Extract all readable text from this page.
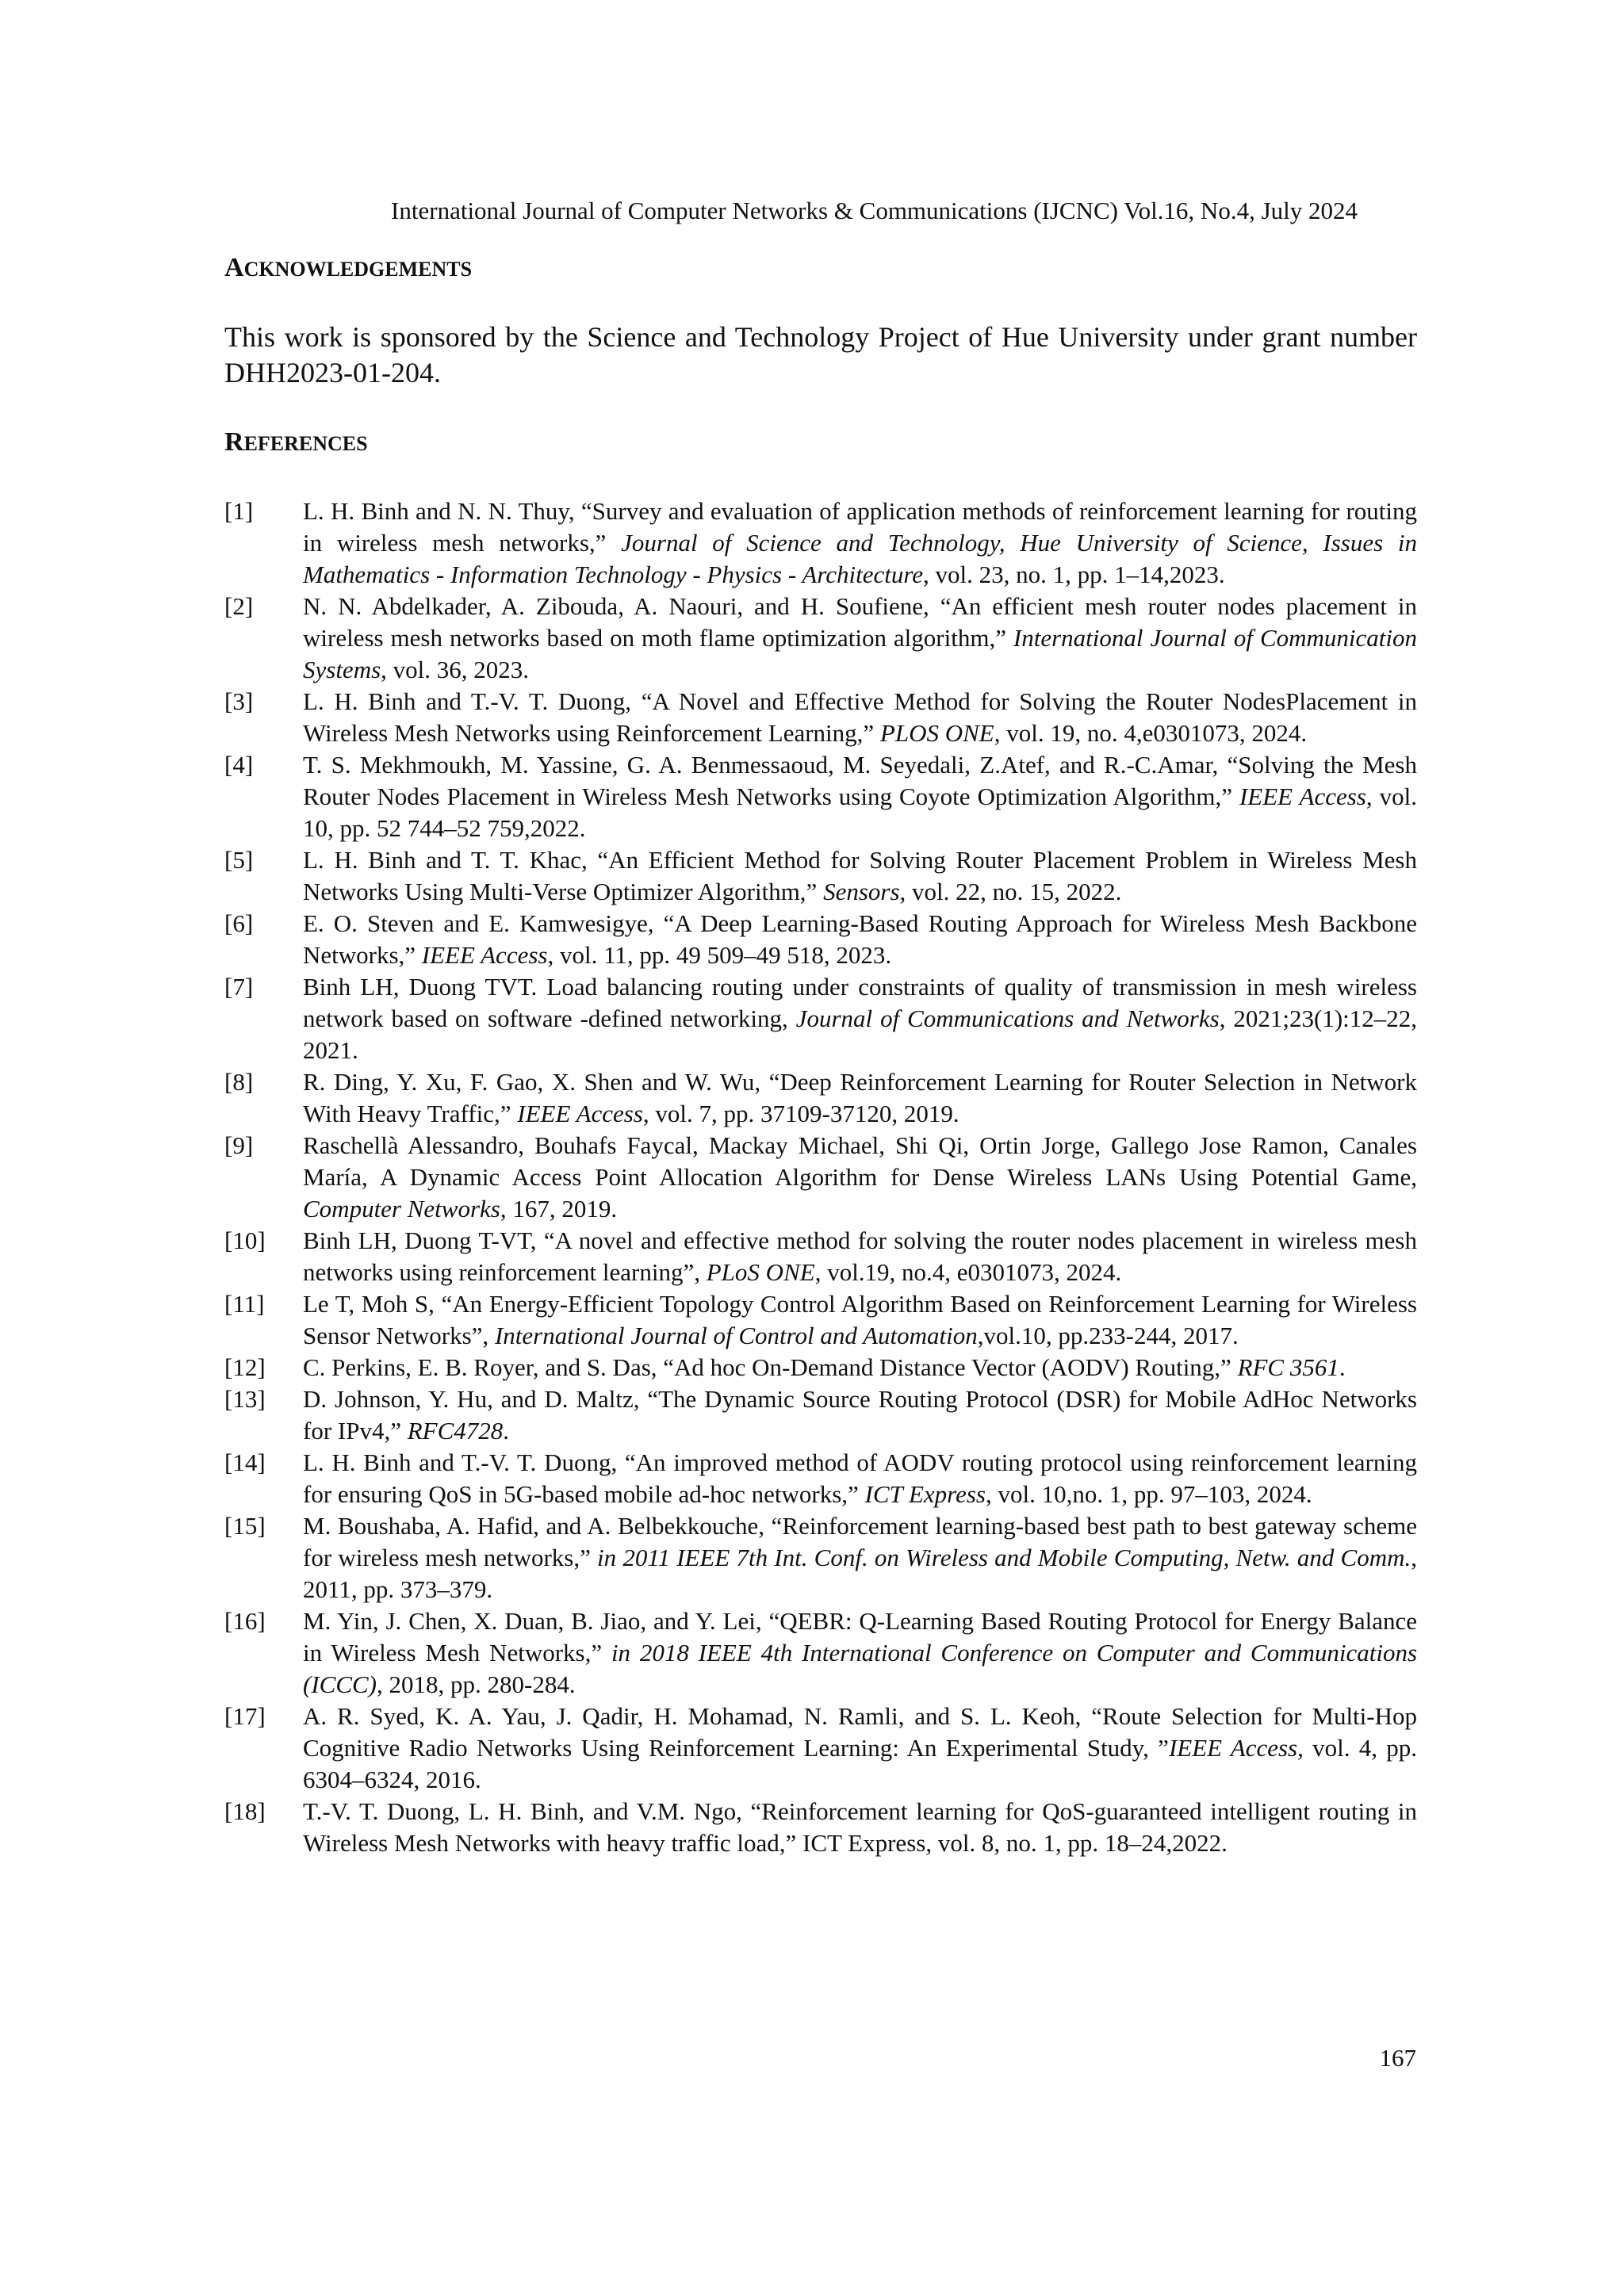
International Journal of Computer Networks & Communications (IJCNC) Vol.16, No.4, July 2024
ACKNOWLEDGEMENTS
This work is sponsored by the Science and Technology Project of Hue University under grant number DHH2023-01-204.
REFERENCES
[1]	L. H. Binh and N. N. Thuy, “Survey and evaluation of application methods of reinforcement learning for routing in wireless mesh networks,” Journal of Science and Technology, Hue University of Science, Issues in Mathematics - Information Technology - Physics - Architecture, vol. 23, no. 1, pp. 1–14,2023.
[2]	N. N. Abdelkader, A. Zibouda, A. Naouri, and H. Soufiene, “An efficient mesh router nodes placement in wireless mesh networks based on moth flame optimization algorithm,” International Journal of Communication Systems, vol. 36, 2023.
[3]	L. H. Binh and T.-V. T. Duong, “A Novel and Effective Method for Solving the Router NodesPlacement in Wireless Mesh Networks using Reinforcement Learning,” PLOS ONE, vol. 19, no. 4,e0301073, 2024.
[4]	T. S. Mekhmoukh, M. Yassine, G. A. Benmessaoud, M. Seyedali, Z.Atef, and R.-C.Amar, “Solving the Mesh Router Nodes Placement in Wireless Mesh Networks using Coyote Optimization Algorithm,” IEEE Access, vol. 10, pp. 52 744–52 759,2022.
[5]	L. H. Binh and T. T. Khac, “An Efficient Method for Solving Router Placement Problem in Wireless Mesh Networks Using Multi-Verse Optimizer Algorithm,” Sensors, vol. 22, no. 15, 2022.
[6]	E. O. Steven and E. Kamwesigye, “A Deep Learning-Based Routing Approach for Wireless Mesh Backbone Networks,” IEEE Access, vol. 11, pp. 49 509–49 518, 2023.
[7]	Binh LH, Duong TVT. Load balancing routing under constraints of quality of transmission in mesh wireless network based on software -defined networking, Journal of Communications and Networks, 2021;23(1):12–22, 2021.
[8]	R. Ding, Y. Xu, F. Gao, X. Shen and W. Wu, “Deep Reinforcement Learning for Router Selection in Network With Heavy Traffic,” IEEE Access, vol. 7, pp. 37109-37120, 2019.
[9]	Raschellà Alessandro, Bouhafs Faycal, Mackay Michael, Shi Qi, Ortin Jorge, Gallego Jose Ramon, Canales María, A Dynamic Access Point Allocation Algorithm for Dense Wireless LANs Using Potential Game, Computer Networks, 167, 2019.
[10]	Binh LH, Duong T-VT, “A novel and effective method for solving the router nodes placement in wireless mesh networks using reinforcement learning”, PLoS ONE, vol.19, no.4, e0301073, 2024.
[11]	Le T, Moh S, “An Energy-Efficient Topology Control Algorithm Based on Reinforcement Learning for Wireless Sensor Networks”, International Journal of Control and Automation,vol.10, pp.233-244, 2017.
[12]	C. Perkins, E. B. Royer, and S. Das, “Ad hoc On-Demand Distance Vector (AODV) Routing,” RFC 3561.
[13]	D. Johnson, Y. Hu, and D. Maltz, “The Dynamic Source Routing Protocol (DSR) for Mobile AdHoc Networks for IPv4,” RFC4728.
[14]	L. H. Binh and T.-V. T. Duong, “An improved method of AODV routing protocol using reinforcement learning for ensuring QoS in 5G-based mobile ad-hoc networks,” ICT Express, vol. 10,no. 1, pp. 97–103, 2024.
[15]	M. Boushaba, A. Hafid, and A. Belbekkouche, “Reinforcement learning-based best path to best gateway scheme for wireless mesh networks,” in 2011 IEEE 7th Int. Conf. on Wireless and Mobile Computing, Netw. and Comm., 2011, pp. 373–379.
[16]	M. Yin, J. Chen, X. Duan, B. Jiao, and Y. Lei, “QEBR: Q-Learning Based Routing Protocol for Energy Balance in Wireless Mesh Networks,” in 2018 IEEE 4th International Conference on Computer and Communications (ICCC), 2018, pp. 280-284.
[17]	A. R. Syed, K. A. Yau, J. Qadir, H. Mohamad, N. Ramli, and S. L. Keoh, “Route Selection for Multi-Hop Cognitive Radio Networks Using Reinforcement Learning: An Experimental Study, ”IEEE Access, vol. 4, pp. 6304–6324, 2016.
[18]	T.-V. T. Duong, L. H. Binh, and V.M. Ngo, “Reinforcement learning for QoS-guaranteed intelligent routing in Wireless Mesh Networks with heavy traffic load,” ICT Express, vol. 8, no. 1, pp. 18–24,2022.
167
